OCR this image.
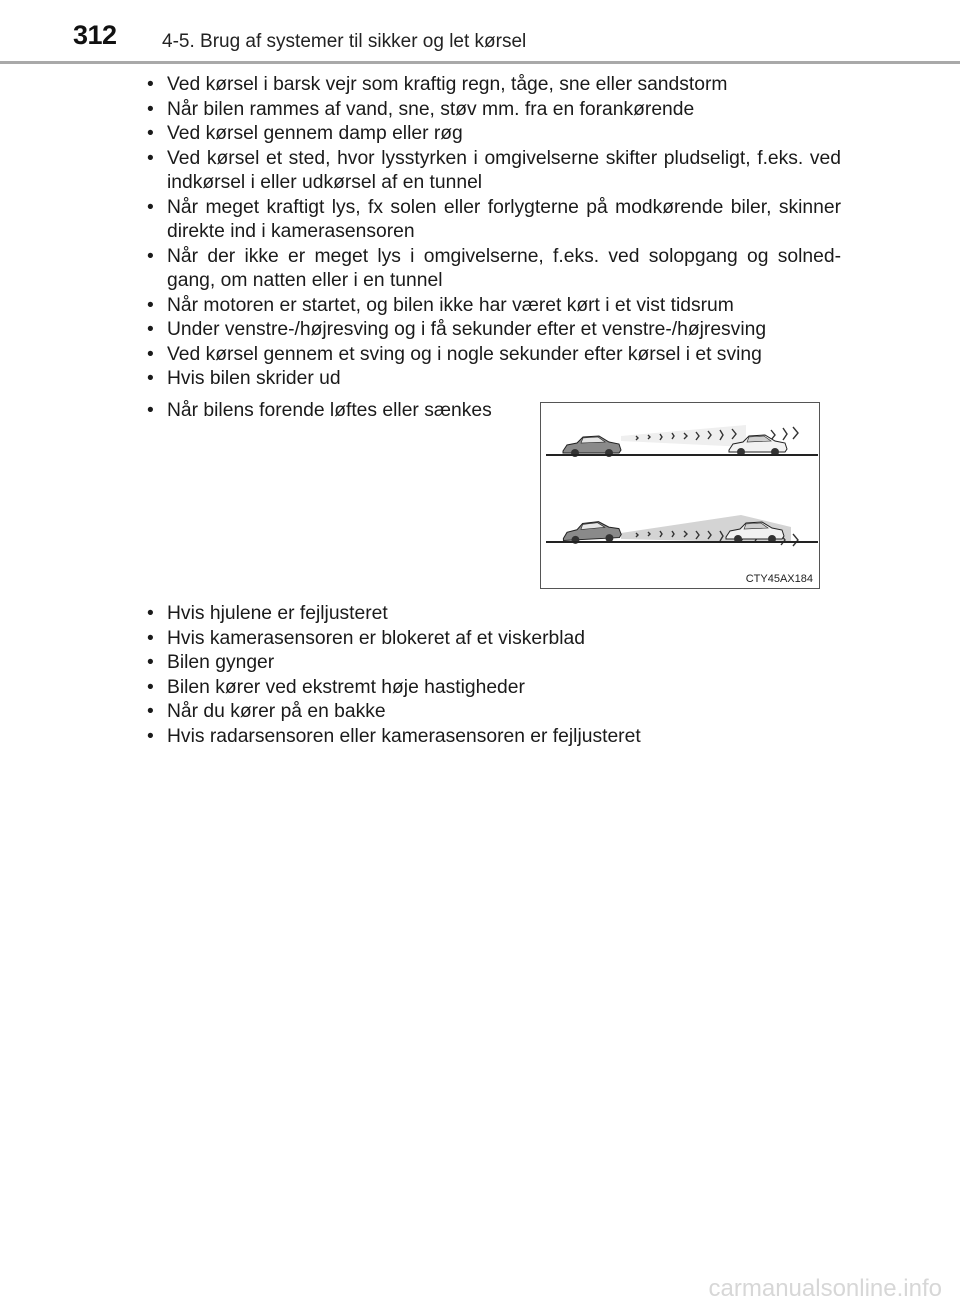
312 4-5. Brug af systemer til sikker og let kørsel
• Ved kørsel i barsk vejr som kraftig regn, tåge, sne eller sandstorm
• Når bilen rammes af vand, sne, støv mm. fra en forankørende
• Ved kørsel gennem damp eller røg
• Ved kørsel et sted, hvor lysstyrken i omgivelserne skifter pludseligt, f.eks. ved indkørsel i eller udkørsel af en tunnel
• Når meget kraftigt lys, fx solen eller forlygterne på modkørende biler, skinner direkte ind i kamerasensoren
• Når der ikke er meget lys i omgivelserne, f.eks. ved solopgang og solned-gang, om natten eller i en tunnel
• Når motoren er startet, og bilen ikke har været kørt i et vist tidsrum
• Under venstre-/højresving og i få sekunder efter et venstre-/højresving
• Ved kørsel gennem et sving og i nogle sekunder efter kørsel i et sving
• Hvis bilen skrider ud
• Når bilens forende løftes eller sænkes
CTY45AX184
• Hvis hjulene er fejljusteret
• Hvis kamerasensoren er blokeret af et viskerblad
• Bilen gynger
• Bilen kører ved ekstremt høje hastigheder
• Når du kører på en bakke
• Hvis radarsensoren eller kamerasensoren er fejljusteret
carmanualsonline.info
